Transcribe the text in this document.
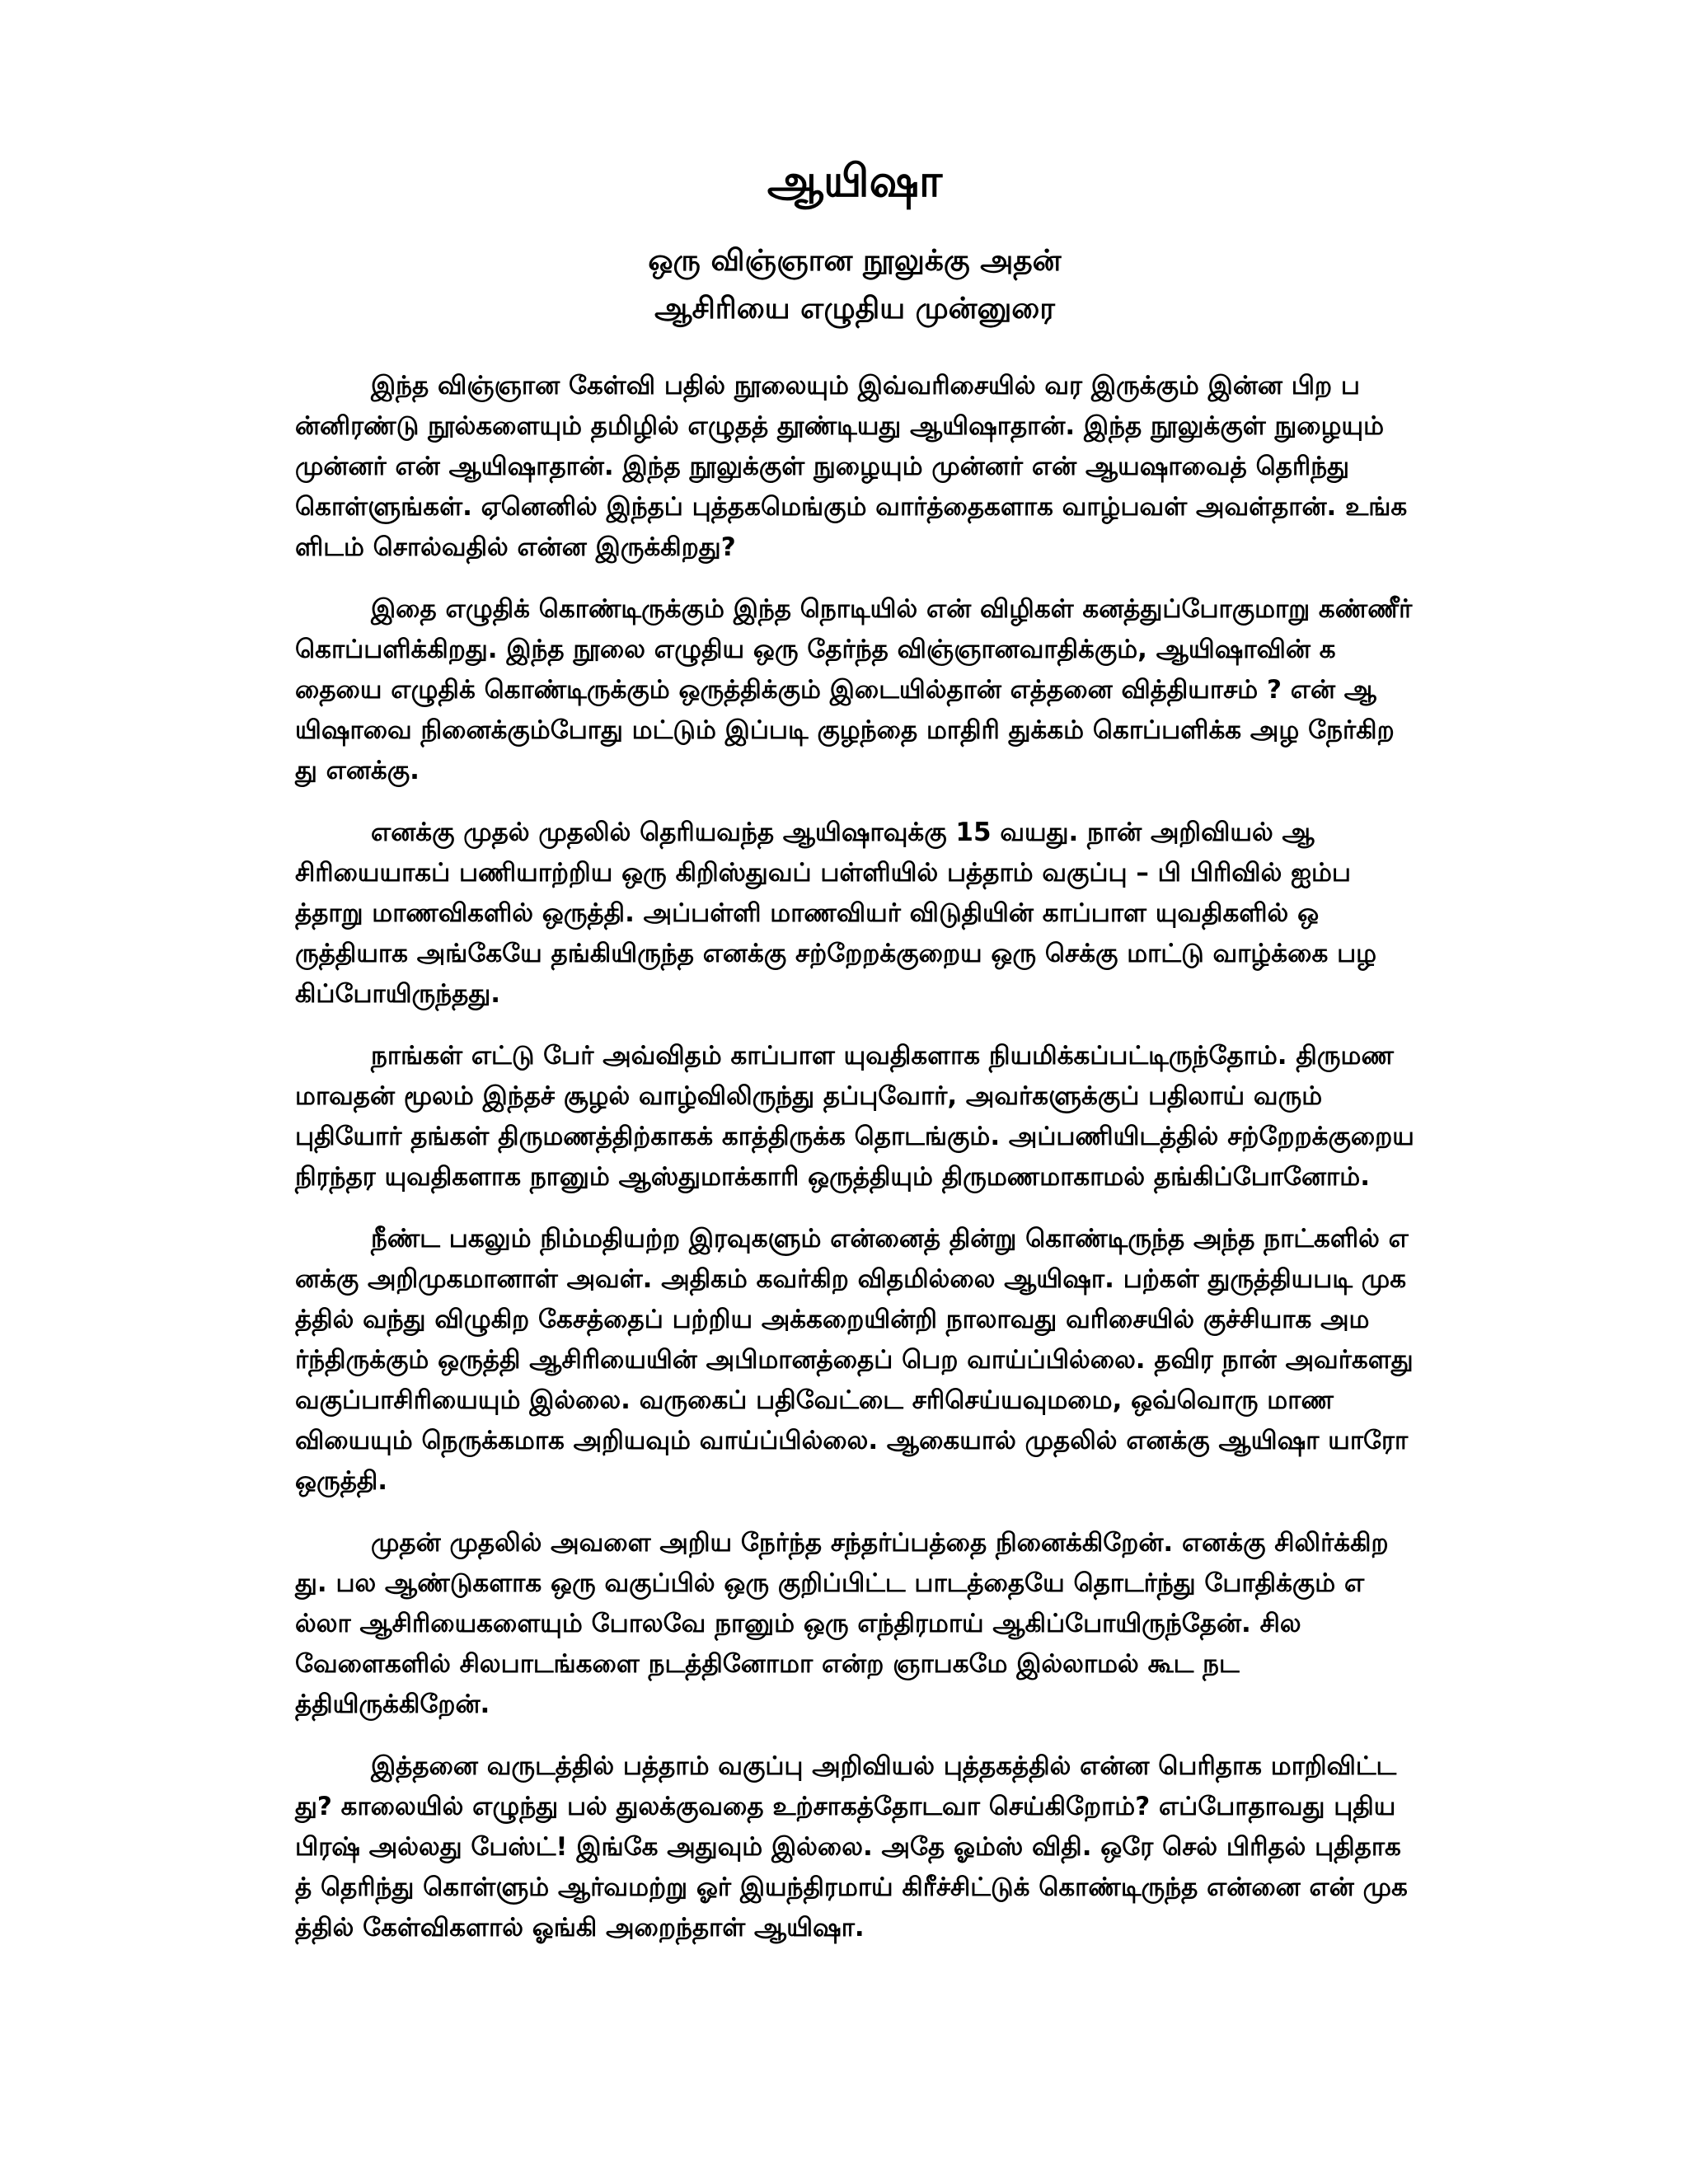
ஆயிஷா
ஒரு விஞ்ஞான நூலுக்கு அதன்
ஆசிரியை எழுதிய முன்னுரை

இந்த விஞ்ஞான கேள்வி பதில் நூலையும் இவ்வரிசையில் வர இருக்கும் இன்ன பிற பன்னிரண்டு நூல்களையும் தமிழில் எழுதத் தூண்டியது ஆயிஷாதான். இந்த நூலுக்குள் நுழையும் முன்னர் என் ஆயிஷாதான். இந்த நூலுக்குள் நுழையும் முன்னர் என் ஆயஷாவைத் தெரிந்து கொள்ளுங்கள். ஏனெனில் இந்தப் புத்தகமெங்கும் வார்த்தைகளாக வாழ்பவள் அவள்தான். உங்களிடம் சொல்வதில் என்ன இருக்கிறது?

இதை எழுதிக் கொண்டிருக்கும் இந்த நொடியில் என் விழிகள் கனத்துப்போகுமாறு கண்ணீர் கொப்பளிக்கிறது. இந்த நூலை எழுதிய ஒரு தேர்ந்த விஞ்ஞானவாதிக்கும், ஆயிஷாவின் கதையை எழுதிக் கொண்டிருக்கும் ஒருத்திக்கும் இடையில்தான் எத்தனை வித்தியாசம் ? என் ஆயிஷாவை நினைக்கும்போது மட்டும் இப்படி குழந்தை மாதிரி துக்கம் கொப்பளிக்க அழ நேர்கிறது எனக்கு.

எனக்கு முதல் முதலில் தெரியவந்த ஆயிஷாவுக்கு 15 வயது. நான் அறிவியல் ஆசிரியையாகப் பணியாற்றிய ஒரு கிறிஸ்துவப் பள்ளியில் பத்தாம் வகுப்பு – பி பிரிவில் ஐம்பத்தாறு மாணவிகளில் ஒருத்தி. அப்பள்ளி மாணவியர் விடுதியின் காப்பாள யுவதிகளில் ஒருத்தியாக அங்கேயே தங்கியிருந்த எனக்கு சற்றேறக்குறைய ஒரு செக்கு மாட்டு வாழ்க்கை பழகிப்போயிருந்தது.

நாங்கள் எட்டு பேர் அவ்விதம் காப்பாள யுவதிகளாக நியமிக்கப்பட்டிருந்தோம். திருமணமாவதன் மூலம் இந்தச் சூழல் வாழ்விலிருந்து தப்புவோர், அவர்களுக்குப் பதிலாய் வரும் புதியோர் தங்கள் திருமணத்திற்காகக் காத்திருக்க தொடங்கும். அப்பணியிடத்தில் சற்றேறக்குறைய நிரந்தர யுவதிகளாக நானும் ஆஸ்துமாக்காரி ஒருத்தியும் திருமணமாகாமல் தங்கிப்போனோம்.

நீண்ட பகலும் நிம்மதியற்ற இரவுகளும் என்னைத் தின்று கொண்டிருந்த அந்த நாட்களில் எனக்கு அறிமுகமானாள் அவள். அதிகம் கவர்கிற விதமில்லை ஆயிஷா. பற்கள் துருத்தியபடி முகத்தில் வந்து விழுகிற கேசத்தைப் பற்றிய அக்கறையின்றி நாலாவது வரிசையில் குச்சியாக அமர்ந்திருக்கும் ஒருத்தி ஆசிரியையின் அபிமானத்தைப் பெற வாய்ப்பில்லை. தவிர நான் அவர்களது வகுப்பாசிரியையும் இல்லை. வருகைப் பதிவேட்டை சரிசெய்யவுமமை, ஒவ்வொரு மாணவியையும் நெருக்கமாக அறியவும் வாய்ப்பில்லை. ஆகையால் முதலில் எனக்கு ஆயிஷா யாரோ ஒருத்தி.

முதன் முதலில் அவளை அறிய நேர்ந்த சந்தர்ப்பத்தை நினைக்கிறேன். எனக்கு சிலிர்க்கிறது. பல ஆண்டுகளாக ஒரு வகுப்பில் ஒரு குறிப்பிட்ட பாடத்தையே தொடர்ந்து போதிக்கும் எல்லா ஆசிரியைகளையும் போலவே நானும் ஒரு எந்திரமாய் ஆகிப்போயிருந்தேன். சில வேளைகளில் சிலபாடங்களை நடத்தினோமா என்ற ஞாபகமே இல்லாமல் கூட நடத்தியிருக்கிறேன்.

இத்தனை வருடத்தில் பத்தாம் வகுப்பு அறிவியல் புத்தகத்தில் என்ன பெரிதாக மாறிவிட்டது? காலையில் எழுந்து பல் துலக்குவதை உற்சாகத்தோடவா செய்கிறோம்? எப்போதாவது புதிய பிரஷ் அல்லது பேஸ்ட்! இங்கே அதுவும் இல்லை. அதே ஓம்ஸ் விதி. ஒரே செல் பிரிதல் புதிதாகத் தெரிந்து கொள்ளும் ஆர்வமற்று ஓர் இயந்திரமாய் கிரீச்சிட்டுக் கொண்டிருந்த என்னை என் முகத்தில் கேள்விகளால் ஓங்கி அறைந்தாள் ஆயிஷா.
